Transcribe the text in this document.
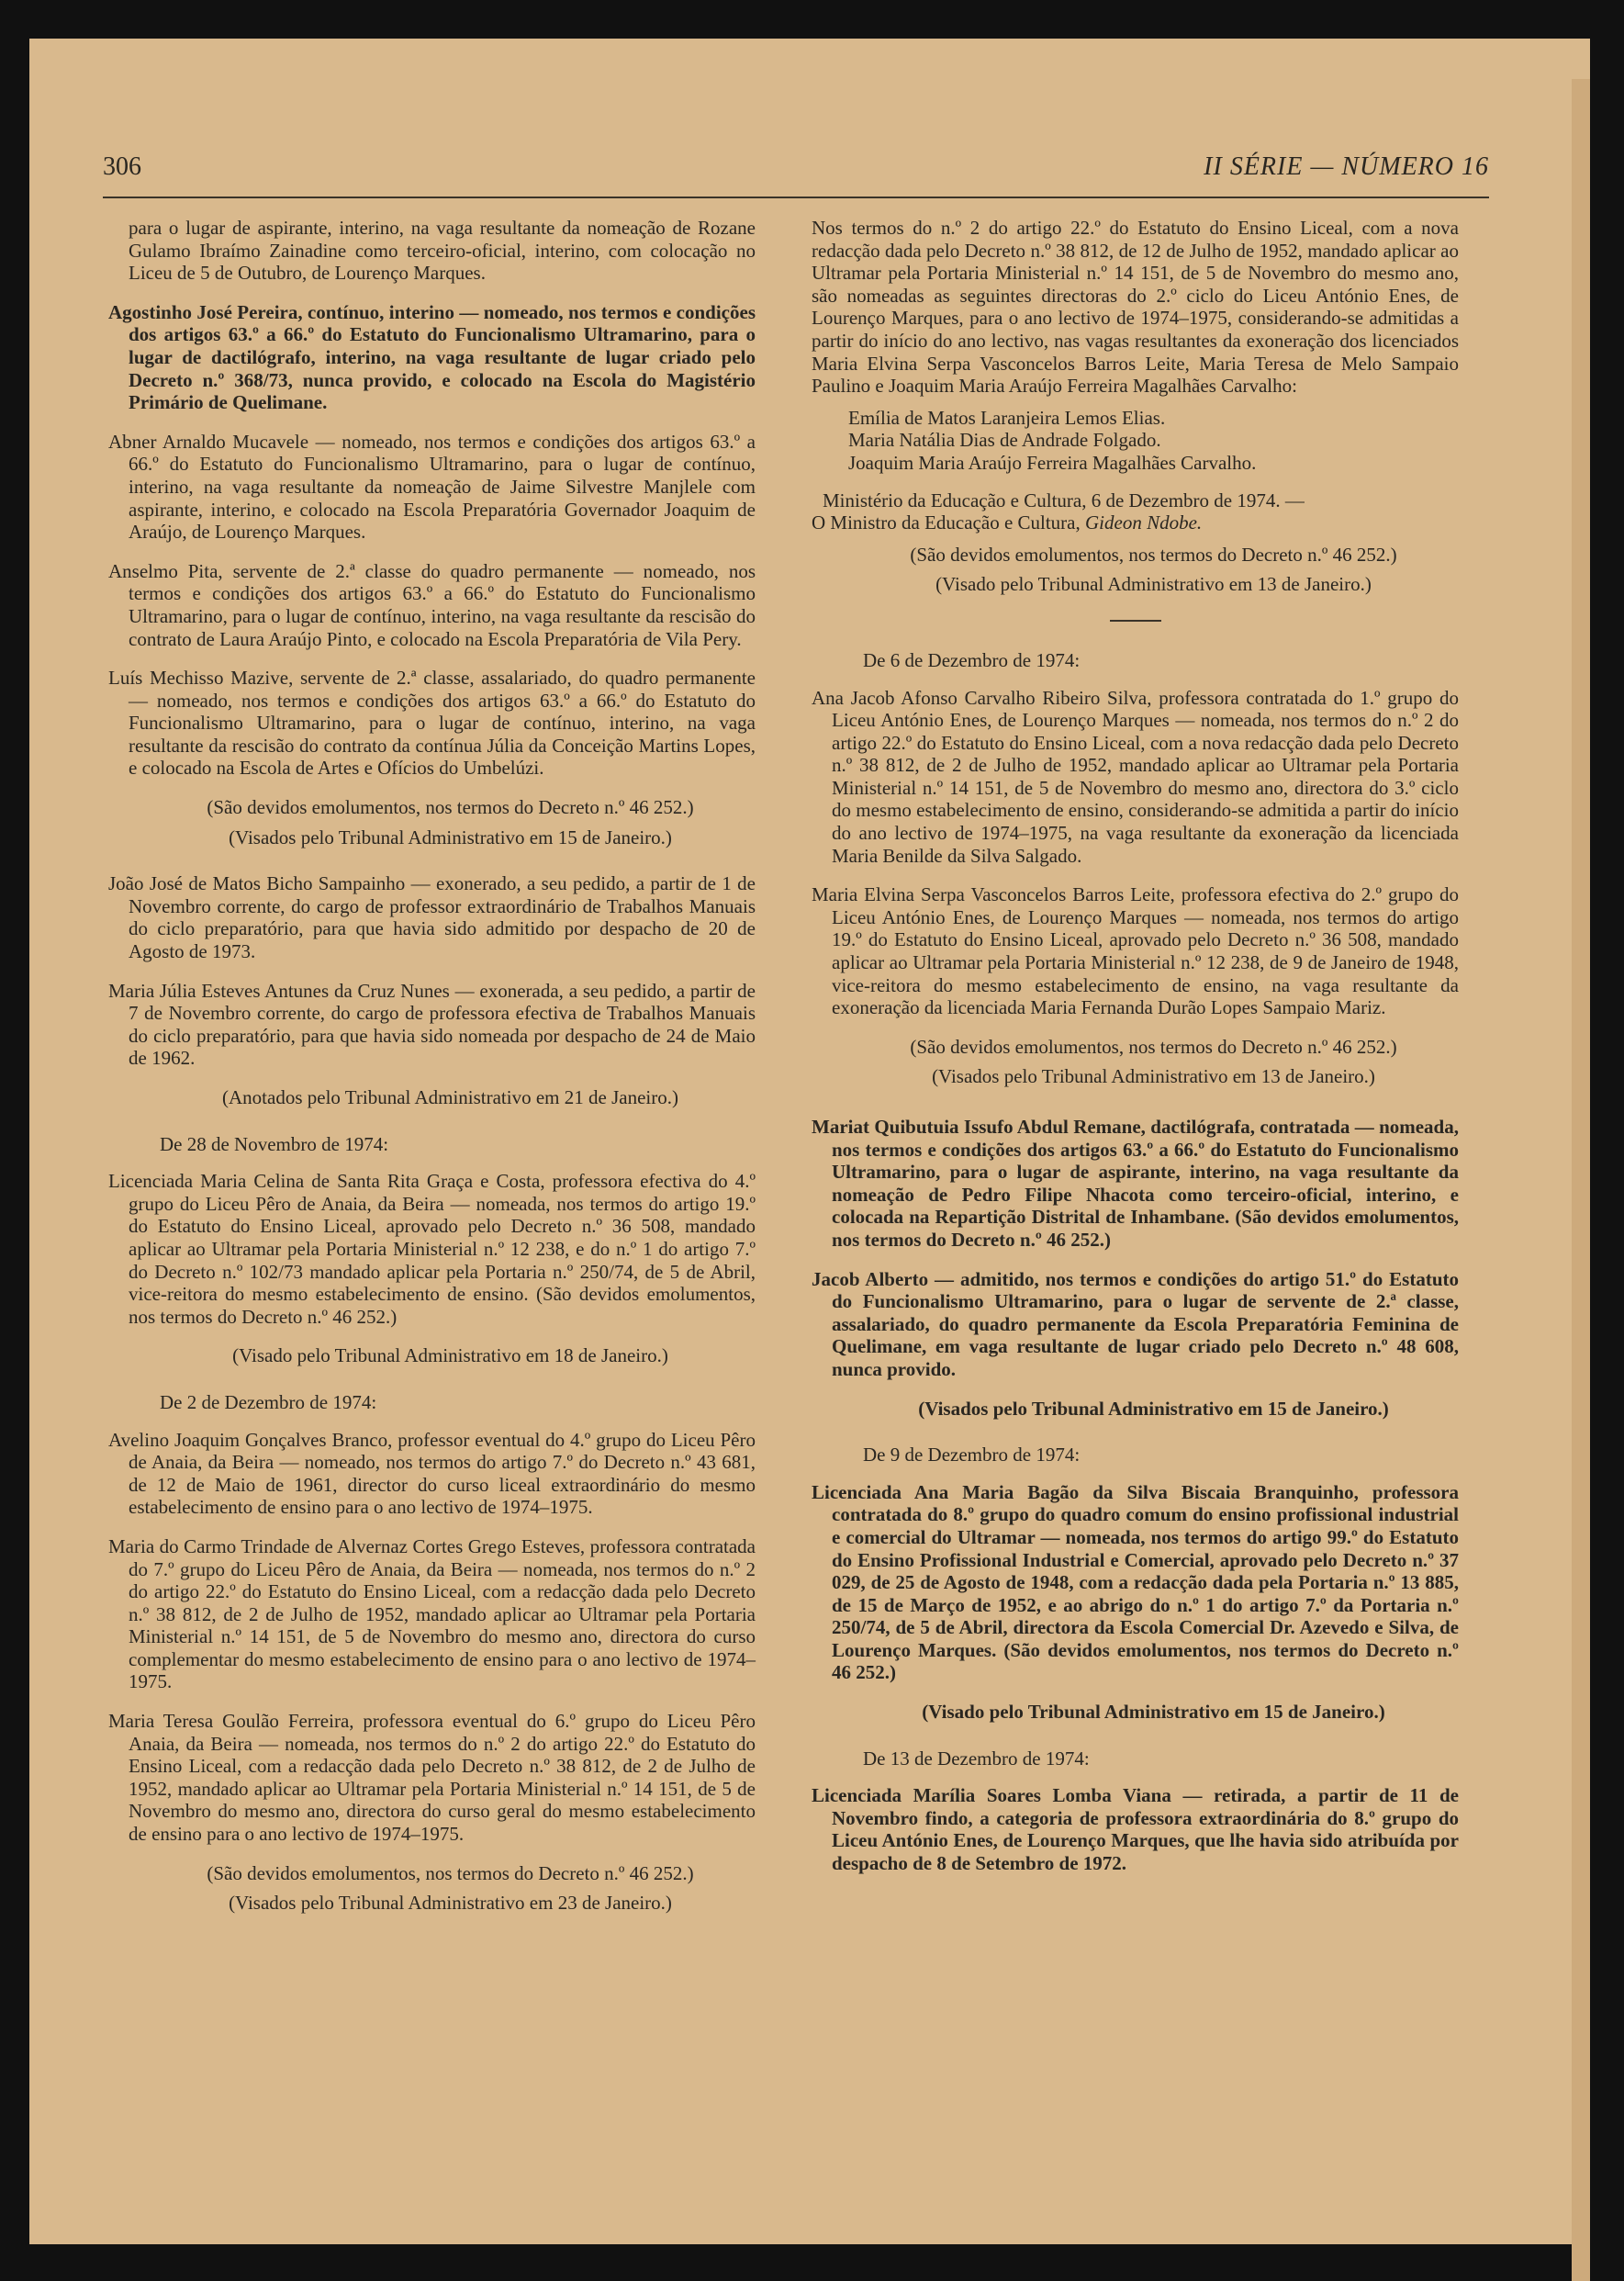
306	II SÉRIE — NÚMERO 16

para o lugar de aspirante, interino, na vaga resultante da nomeação de Rozane Gulamo Ibraímo Zainadine como terceiro-oficial, interino, com colocação no Liceu de 5 de Outubro, de Lourenço Marques.

Agostinho José Pereira, contínuo, interino — nomeado, nos termos e condições dos artigos 63.º a 66.º do Estatuto do Funcionalismo Ultramarino, para o lugar de dactilógrafo, interino, na vaga resultante de lugar criado pelo Decreto n.º 368/73, nunca provido, e colocado na Escola do Magistério Primário de Quelimane.

Abner Arnaldo Mucavele — nomeado, nos termos e condições dos artigos 63.º a 66.º do Estatuto do Funcionalismo Ultramarino, para o lugar de contínuo, interino, na vaga resultante da nomeação de Jaime Silvestre Manjlele com aspirante, interino, e colocado na Escola Preparatória Governador Joaquim de Araújo, de Lourenço Marques.

Anselmo Pita, servente de 2.ª classe do quadro permanente — nomeado, nos termos e condições dos artigos 63.º a 66.º do Estatuto do Funcionalismo Ultramarino, para o lugar de contínuo, interino, na vaga resultante da rescisão do contrato de Laura Araújo Pinto, e colocado na Escola Preparatória de Vila Pery.

Luís Mechisso Mazive, servente de 2.ª classe, assalariado, do quadro permanente — nomeado, nos termos e condições dos artigos 63.º a 66.º do Estatuto do Funcionalismo Ultramarino, para o lugar de contínuo, interino, na vaga resultante da rescisão do contrato da contínua Júlia da Conceição Martins Lopes, e colocado na Escola de Artes e Ofícios do Umbelúzi.

(São devidos emolumentos, nos termos do Decreto n.º 46 252.)

(Visados pelo Tribunal Administrativo em 15 de Janeiro.)

João José de Matos Bicho Sampainho — exonerado, a seu pedido, a partir de 1 de Novembro corrente, do cargo de professor extraordinário de Trabalhos Manuais do ciclo preparatório, para que havia sido admitido por despacho de 20 de Agosto de 1973.

Maria Júlia Esteves Antunes da Cruz Nunes — exonerada, a seu pedido, a partir de 7 de Novembro corrente, do cargo de professora efectiva de Trabalhos Manuais do ciclo preparatório, para que havia sido nomeada por despacho de 24 de Maio de 1962.

(Anotados pelo Tribunal Administrativo em 21 de Janeiro.)

De 28 de Novembro de 1974:

Licenciada Maria Celina de Santa Rita Graça e Costa, professora efectiva do 4.º grupo do Liceu Pêro de Anaia, da Beira — nomeada, nos termos do artigo 19.º do Estatuto do Ensino Liceal, aprovado pelo Decreto n.º 36 508, mandado aplicar ao Ultramar pela Portaria Ministerial n.º 12 238, e do n.º 1 do artigo 7.º do Decreto n.º 102/73 mandado aplicar pela Portaria n.º 250/74, de 5 de Abril, vice-reitora do mesmo estabelecimento de ensino. (São devidos emolumentos, nos termos do Decreto n.º 46 252.)

(Visado pelo Tribunal Administrativo em 18 de Janeiro.)

De 2 de Dezembro de 1974:

Avelino Joaquim Gonçalves Branco, professor eventual do 4.º grupo do Liceu Pêro de Anaia, da Beira — nomeado, nos termos do artigo 7.º do Decreto n.º 43 681, de 12 de Maio de 1961, director do curso liceal extraordinário do mesmo estabelecimento de ensino para o ano lectivo de 1974–1975.

Maria do Carmo Trindade de Alvernaz Cortes Grego Esteves, professora contratada do 7.º grupo do Liceu Pêro de Anaia, da Beira — nomeada, nos termos do n.º 2 do artigo 22.º do Estatuto do Ensino Liceal, com a redacção dada pelo Decreto n.º 38 812, de 2 de Julho de 1952, mandado aplicar ao Ultramar pela Portaria Ministerial n.º 14 151, de 5 de Novembro do mesmo ano, directora do curso complementar do mesmo estabelecimento de ensino para o ano lectivo de 1974–1975.

Maria Teresa Goulão Ferreira, professora eventual do 6.º grupo do Liceu Pêro Anaia, da Beira — nomeada, nos termos do n.º 2 do artigo 22.º do Estatuto do Ensino Liceal, com a redacção dada pelo Decreto n.º 38 812, de 2 de Julho de 1952, mandado aplicar ao Ultramar pela Portaria Ministerial n.º 14 151, de 5 de Novembro do mesmo ano, directora do curso geral do mesmo estabelecimento de ensino para o ano lectivo de 1974–1975.

(São devidos emolumentos, nos termos do Decreto n.º 46 252.)

(Visados pelo Tribunal Administrativo em 23 de Janeiro.)

Nos termos do n.º 2 do artigo 22.º do Estatuto do Ensino Liceal, com a nova redacção dada pelo Decreto n.º 38 812, de 12 de Julho de 1952, mandado aplicar ao Ultramar pela Portaria Ministerial n.º 14 151, de 5 de Novembro do mesmo ano, são nomeadas as seguintes directoras do 2.º ciclo do Liceu António Enes, de Lourenço Marques, para o ano lectivo de 1974–1975, considerando-se admitidas a partir do início do ano lectivo, nas vagas resultantes da exoneração dos licenciados Maria Elvina Serpa Vasconcelos Barros Leite, Maria Teresa de Melo Sampaio Paulino e Joaquim Maria Araújo Ferreira Magalhães Carvalho:

Emília de Matos Laranjeira Lemos Elias.

Maria Natália Dias de Andrade Folgado.

Joaquim Maria Araújo Ferreira Magalhães Carvalho.

Ministério da Educação e Cultura, 6 de Dezembro de 1974. —

O Ministro da Educação e Cultura, Gideon Ndobe.

(São devidos emolumentos, nos termos do Decreto n.º 46 252.)

(Visado pelo Tribunal Administrativo em 13 de Janeiro.)

De 6 de Dezembro de 1974:

Ana Jacob Afonso Carvalho Ribeiro Silva, professora contratada do 1.º grupo do Liceu António Enes, de Lourenço Marques — nomeada, nos termos do n.º 2 do artigo 22.º do Estatuto do Ensino Liceal, com a nova redacção dada pelo Decreto n.º 38 812, de 2 de Julho de 1952, mandado aplicar ao Ultramar pela Portaria Ministerial n.º 14 151, de 5 de Novembro do mesmo ano, directora do 3.º ciclo do mesmo estabelecimento de ensino, considerando-se admitida a partir do início do ano lectivo de 1974–1975, na vaga resultante da exoneração da licenciada Maria Benilde da Silva Salgado.

Maria Elvina Serpa Vasconcelos Barros Leite, professora efectiva do 2.º grupo do Liceu António Enes, de Lourenço Marques — nomeada, nos termos do artigo 19.º do Estatuto do Ensino Liceal, aprovado pelo Decreto n.º 36 508, mandado aplicar ao Ultramar pela Portaria Ministerial n.º 12 238, de 9 de Janeiro de 1948, vice-reitora do mesmo estabelecimento de ensino, na vaga resultante da exoneração da licenciada Maria Fernanda Durão Lopes Sampaio Mariz.

(São devidos emolumentos, nos termos do Decreto n.º 46 252.)

(Visados pelo Tribunal Administrativo em 13 de Janeiro.)

Mariat Quibutuia Issufo Abdul Remane, dactilógrafa, contratada — nomeada, nos termos e condições dos artigos 63.º a 66.º do Estatuto do Funcionalismo Ultramarino, para o lugar de aspirante, interino, na vaga resultante da nomeação de Pedro Filipe Nhacota como terceiro-oficial, interino, e colocada na Repartição Distrital de Inhambane. (São devidos emolumentos, nos termos do Decreto n.º 46 252.)

Jacob Alberto — admitido, nos termos e condições do artigo 51.º do Estatuto do Funcionalismo Ultramarino, para o lugar de servente de 2.ª classe, assalariado, do quadro permanente da Escola Preparatória Feminina de Quelimane, em vaga resultante de lugar criado pelo Decreto n.º 48 608, nunca provido.

(Visados pelo Tribunal Administrativo em 15 de Janeiro.)

De 9 de Dezembro de 1974:

Licenciada Ana Maria Bagão da Silva Biscaia Branquinho, professora contratada do 8.º grupo do quadro comum do ensino profissional industrial e comercial do Ultramar — nomeada, nos termos do artigo 99.º do Estatuto do Ensino Profissional Industrial e Comercial, aprovado pelo Decreto n.º 37 029, de 25 de Agosto de 1948, com a redacção dada pela Portaria n.º 13 885, de 15 de Março de 1952, e ao abrigo do n.º 1 do artigo 7.º da Portaria n.º 250/74, de 5 de Abril, directora da Escola Comercial Dr. Azevedo e Silva, de Lourenço Marques. (São devidos emolumentos, nos termos do Decreto n.º 46 252.)

(Visado pelo Tribunal Administrativo em 15 de Janeiro.)

De 13 de Dezembro de 1974:

Licenciada Marília Soares Lomba Viana — retirada, a partir de 11 de Novembro findo, a categoria de professora extraordinária do 8.º grupo do Liceu António Enes, de Lourenço Marques, que lhe havia sido atribuída por despacho de 8 de Setembro de 1972.
